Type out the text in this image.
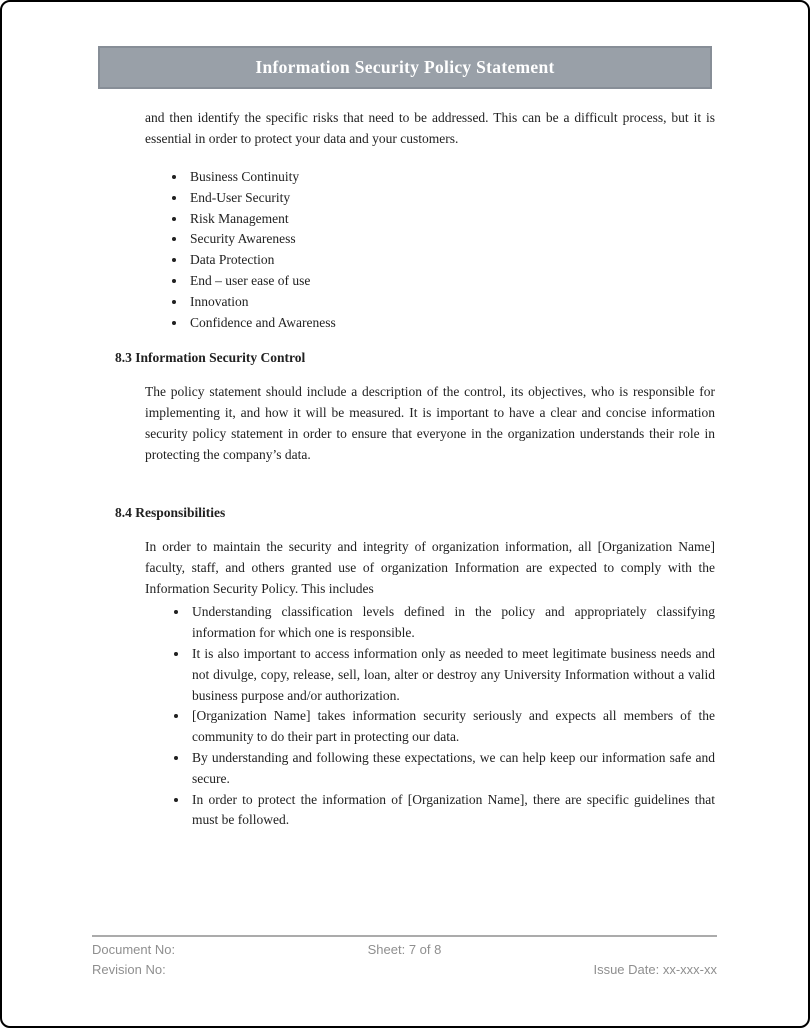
Information Security Policy Statement

and then identify the specific risks that need to be addressed. This can be a difficult process, but it is essential in order to protect your data and your customers.

• Business Continuity
• End-User Security
• Risk Management
• Security Awareness
• Data Protection
• End – user ease of use
• Innovation
• Confidence and Awareness
8.3 Information Security Control

The policy statement should include a description of the control, its objectives, who is responsible for implementing it, and how it will be measured. It is important to have a clear and concise information security policy statement in order to ensure that everyone in the organization understands their role in protecting the company’s data.

8.4 Responsibilities

In order to maintain the security and integrity of organization information, all [Organization Name] faculty, staff, and others granted use of organization Information are expected to comply with the Information Security Policy. This includes

• Understanding classification levels defined in the policy and appropriately classifying information for which one is responsible.
• It is also important to access information only as needed to meet legitimate business needs and not divulge, copy, release, sell, loan, alter or destroy any University Information without a valid business purpose and/or authorization.
• [Organization Name] takes information security seriously and expects all members of the community to do their part in protecting our data.
• By understanding and following these expectations, we can help keep our information safe and secure.
• In order to protect the information of [Organization Name], there are specific guidelines that must be followed.
Document No:	Sheet: 7 of 8
Revision No:	Issue Date: xx-xxx-xx
